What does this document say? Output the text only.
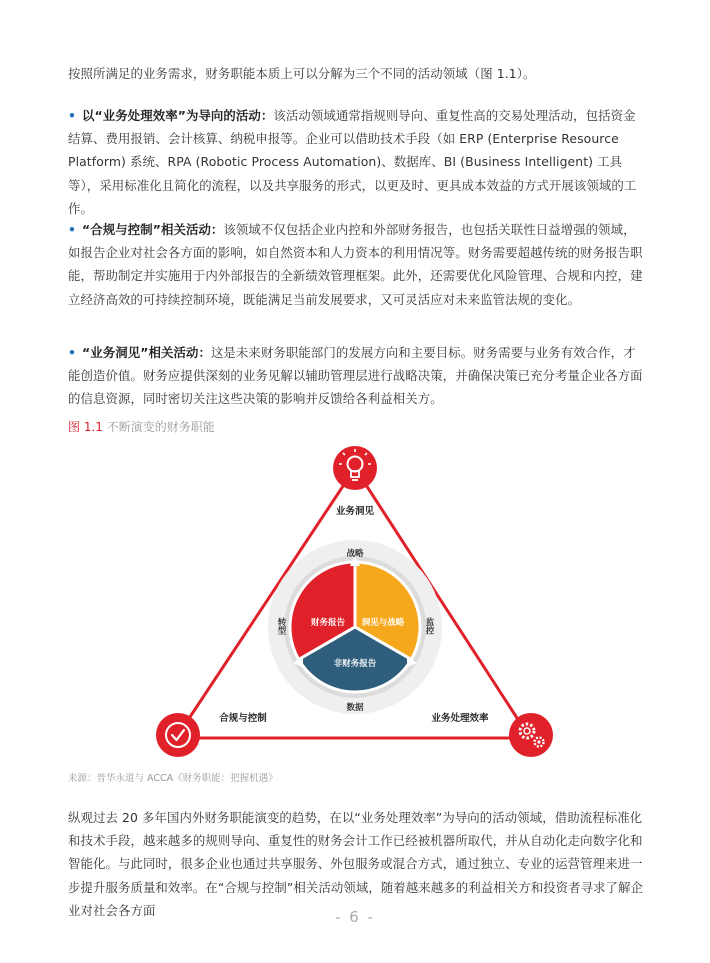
按照所满足的业务需求，财务职能本质上可以分解为三个不同的活动领域（图 1.1）。

• 以“业务处理效率”为导向的活动：该活动领域通常指规则导向、重复性高的交易处理活动，包括资金结算、费用报销、会计核算、纳税申报等。企业可以借助技术手段（如 ERP (Enterprise Resource Platform) 系统、RPA (Robotic Process Automation)、数据库、BI (Business Intelligent) 工具等），采用标准化且简化的流程，以及共享服务的形式，以更及时、更具成本效益的方式开展该领域的工作。

• “合规与控制”相关活动：该领域不仅包括企业内控和外部财务报告，也包括关联性日益增强的领域，如报告企业对社会各方面的影响，如自然资本和人力资本的利用情况等。财务需要超越传统的财务报告职能，帮助制定并实施用于内外部报告的全新绩效管理框架。此外，还需要优化风险管理、合规和内控，建立经济高效的可持续控制环境，既能满足当前发展要求，又可灵活应对未来监管法规的变化。

• “业务洞见”相关活动：这是未来财务职能部门的发展方向和主要目标。财务需要与业务有效合作，才能创造价值。财务应提供深刻的业务见解以辅助管理层进行战略决策，并确保决策已充分考量企业各方面的信息资源，同时密切关注这些决策的影响并反馈给各利益相关方。

图 1.1 不断演变的财务职能

财务报告 洞见与战略
非财务报告
战略
数据
转型	监控
业务洞见
合规与控制	业务处理效率

来源：普华永道与 ACCA《财务职能：把握机遇》

纵观过去 20 多年国内外财务职能演变的趋势，在以“业务处理效率”为导向的活动领域，借助流程标准化和技术手段，越来越多的规则导向、重复性的财务会计工作已经被机器所取代，并从自动化走向数字化和智能化。与此同时，很多企业也通过共享服务、外包服务或混合方式，通过独立、专业的运营管理来进一步提升服务质量和效率。在“合规与控制”相关活动领域，随着越来越多的利益相关方和投资者寻求了解企业对社会各方面	- 6 -
